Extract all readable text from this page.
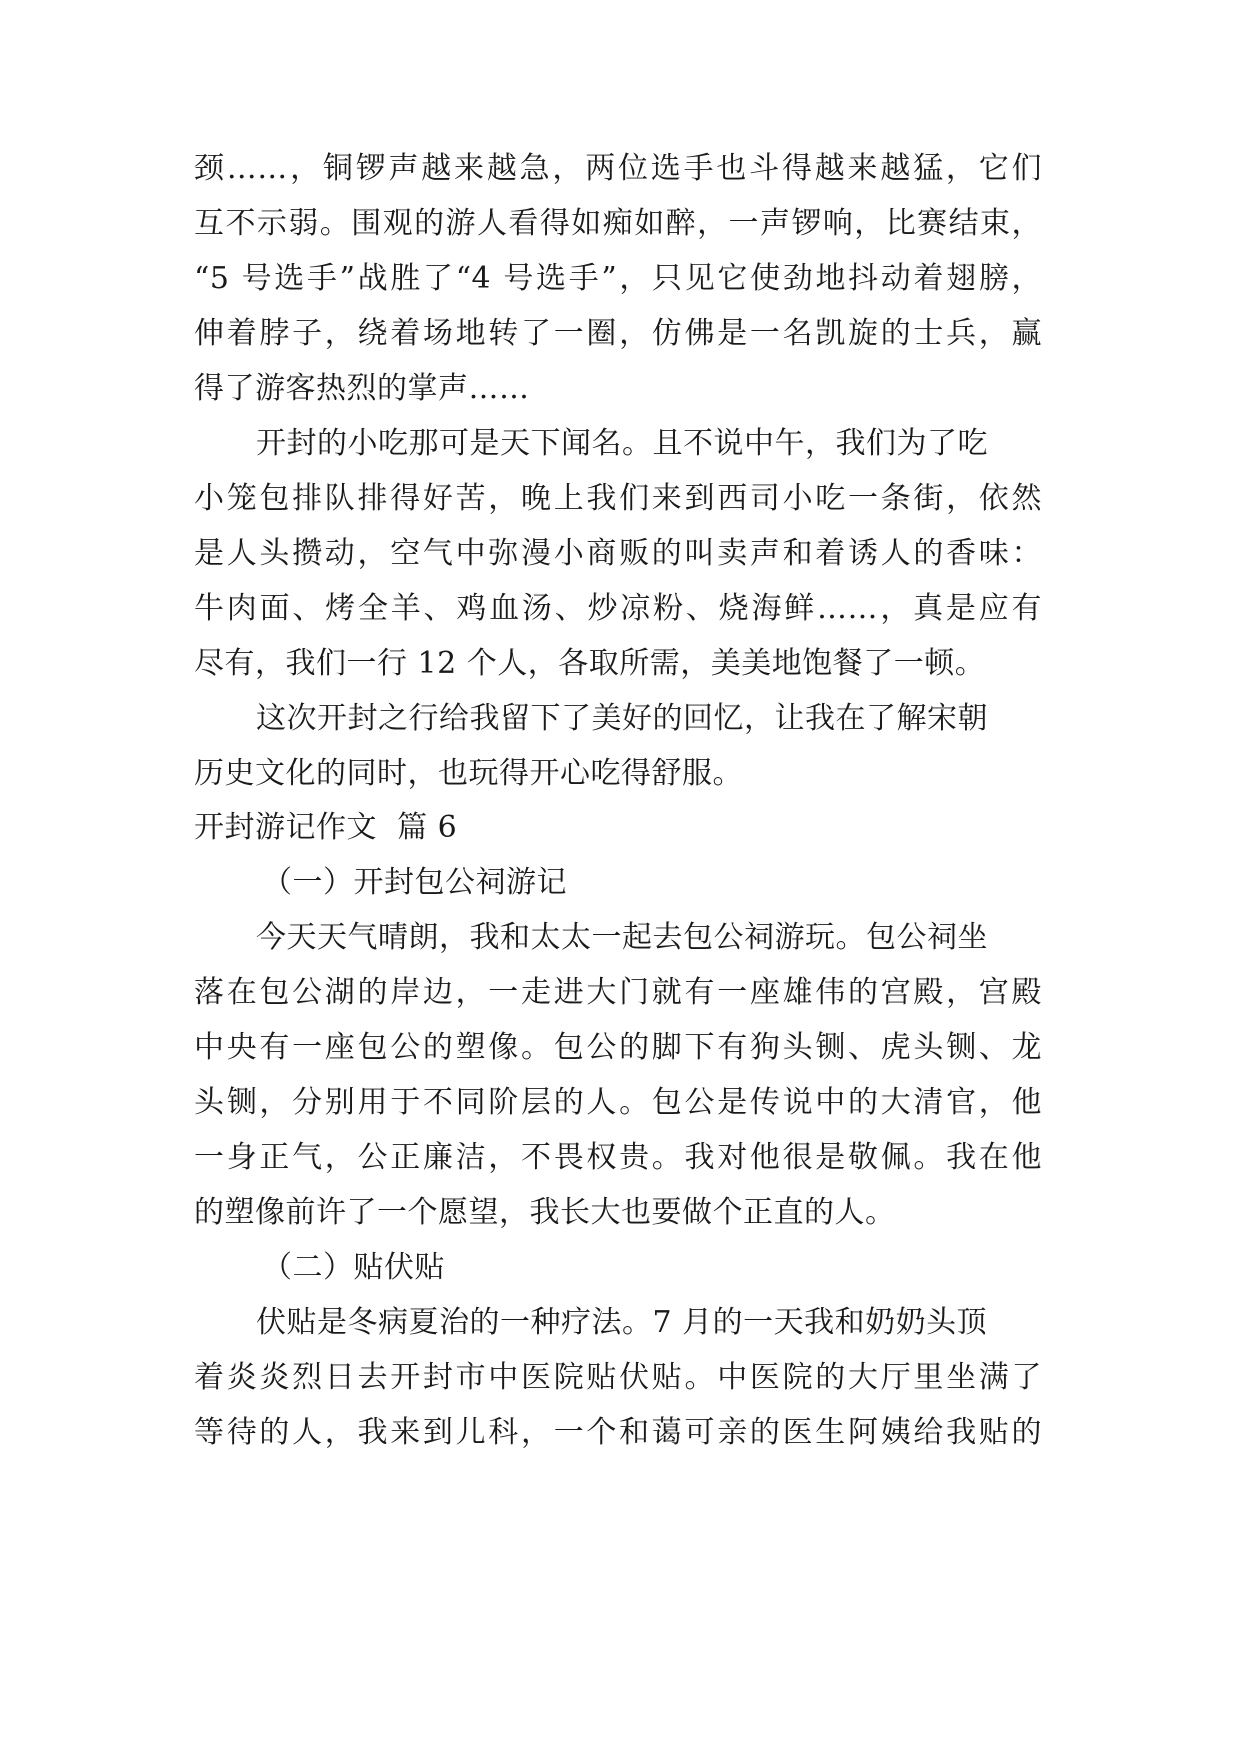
颈……，铜锣声越来越急，两位选手也斗得越来越猛，它们
互不示弱。围观的游人看得如痴如醉，一声锣响，比赛结束，
“5 号选手”战胜了“4 号选手”，只见它使劲地抖动着翅膀，
伸着脖子，绕着场地转了一圈，仿佛是一名凯旋的士兵，赢
得了游客热烈的掌声……
开封的小吃那可是天下闻名。且不说中午，我们为了吃
小笼包排队排得好苦，晚上我们来到西司小吃一条街，依然
是人头攒动，空气中弥漫小商贩的叫卖声和着诱人的香味：
牛肉面、烤全羊、鸡血汤、炒凉粉、烧海鲜……，真是应有
尽有，我们一行 12 个人，各取所需，美美地饱餐了一顿。
这次开封之行给我留下了美好的回忆，让我在了解宋朝
历史文化的同时，也玩得开心吃得舒服。
开封游记作文  篇 6
（一）开封包公祠游记
今天天气晴朗，我和太太一起去包公祠游玩。包公祠坐
落在包公湖的岸边，一走进大门就有一座雄伟的宫殿，宫殿
中央有一座包公的塑像。包公的脚下有狗头铡、虎头铡、龙
头铡，分别用于不同阶层的人。包公是传说中的大清官，他
一身正气，公正廉洁，不畏权贵。我对他很是敬佩。我在他
的塑像前许了一个愿望，我长大也要做个正直的人。
（二）贴伏贴
伏贴是冬病夏治的一种疗法。7 月的一天我和奶奶头顶
着炎炎烈日去开封市中医院贴伏贴。中医院的大厅里坐满了
等待的人，我来到儿科，一个和蔼可亲的医生阿姨给我贴的
